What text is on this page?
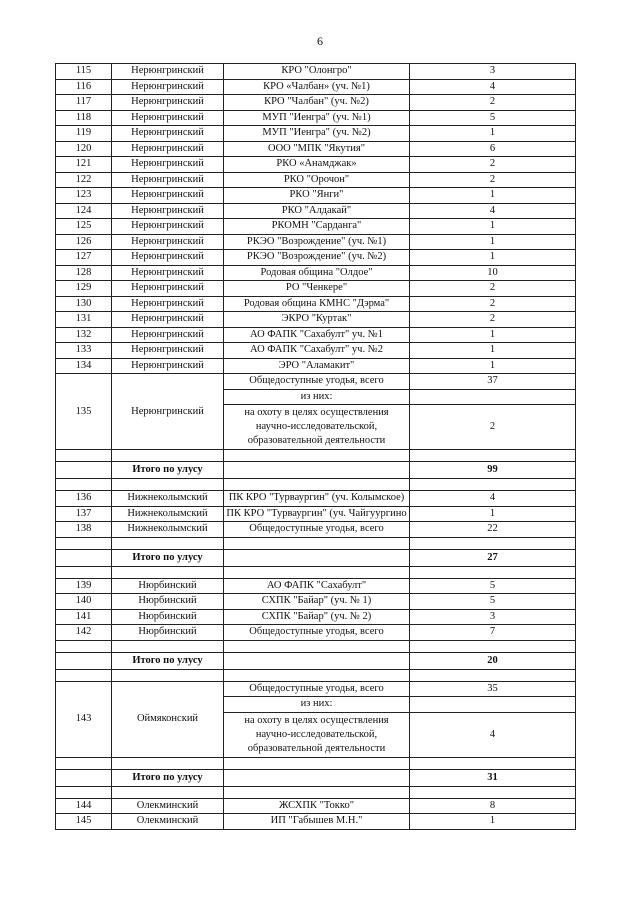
6
115	Нерюнгринский	КРО "Олонгро"	3
116	Нерюнгринский	КРО «Чалбан» (уч. №1)	4
117	Нерюнгринский	КРО "Чалбан" (уч. №2)	2
118	Нерюнгринский	МУП "Иенгра" (уч. №1)	5
119	Нерюнгринский	МУП "Иенгра" (уч. №2)	1
120	Нерюнгринский	ООО "МПК "Якутия"	6
121	Нерюнгринский	РКО «Анамджак»	2
122	Нерюнгринский	РКО "Орочон"	2
123	Нерюнгринский	РКО "Янги"	1
124	Нерюнгринский	РКО "Алдакай"	4
125	Нерюнгринский	РКОМН "Сарданга"	1
126	Нерюнгринский	РКЭО "Возрождение" (уч. №1)	1
127	Нерюнгринский	РКЭО "Возрождение" (уч. №2)	1
128	Нерюнгринский	Родовая община "Олдое"	10
129	Нерюнгринский	РО "Ченкере"	2
130	Нерюнгринский	Родовая община КМНС "Дэрма"	2
131	Нерюнгринский	ЭКРО "Куртак"	2
132	Нерюнгринский	АО ФАПК "Сахабулт" уч. №1	1
133	Нерюнгринский	АО ФАПК "Сахабулт" уч. №2	1
134	Нерюнгринский	ЭРО "Аламакит"	1
135	Нерюнгринский	Общедоступные угодья, всего	37
		из них:	
		на охоту в целях осуществления научно-исследовательской, образовательной деятельности	2

	Итого по улусу		99

136	Нижнеколымский	ПК КРО "Турваургин" (уч. Колымское)	4
137	Нижнеколымский	ПК КРО "Турваургин" (уч. Чайгуургино	1
138	Нижнеколымский	Общедоступные угодья, всего	22

	Итого по улусу		27

139	Нюрбинский	АО ФАПК "Сахабулт"	5
140	Нюрбинский	СХПК "Байар" (уч. № 1)	5
141	Нюрбинский	СХПК "Байар" (уч. № 2)	3
142	Нюрбинский	Общедоступные угодья, всего	7

	Итого по улусу		20

143	Оймяконский	Общедоступные угодья, всего	35
		из них:	
		на охоту в целях осуществления научно-исследовательской, образовательной деятельности	4

	Итого по улусу		31

144	Олекминский	ЖСХПК "Токко"	8
145	Олекминский	ИП "Габышев М.Н."	1
